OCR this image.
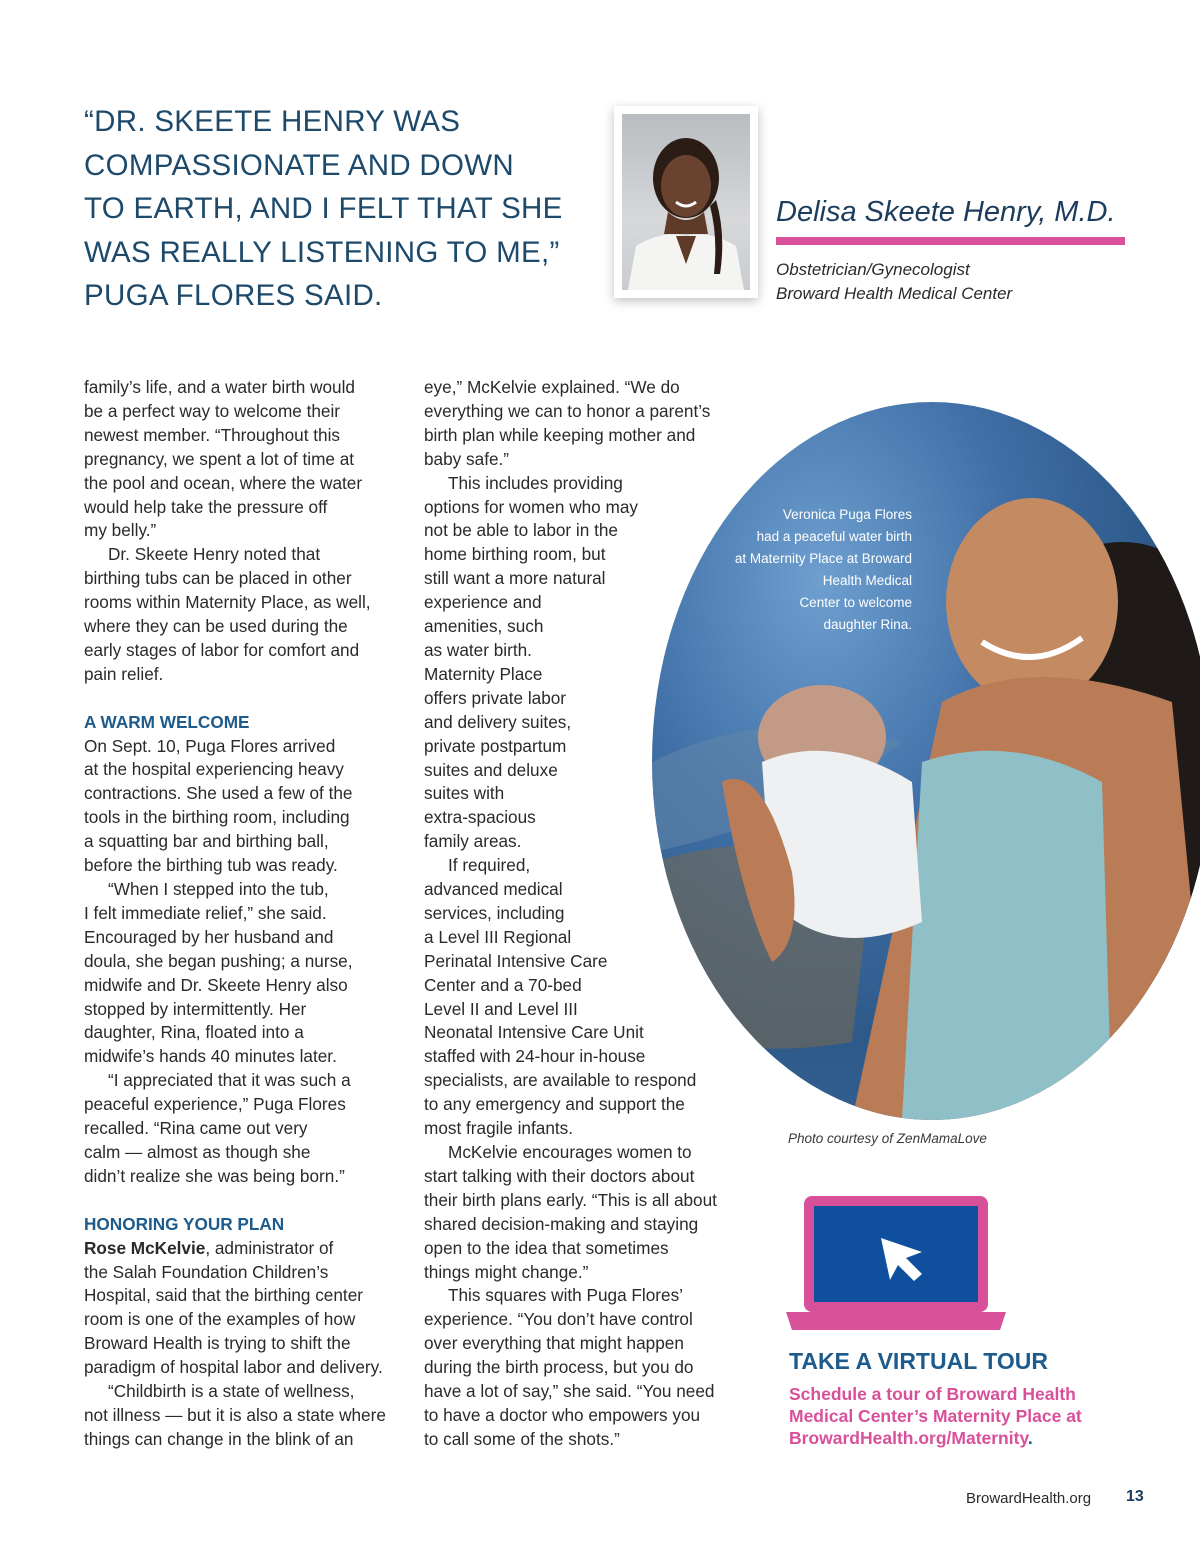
“DR. SKEETE HENRY WAS
COMPASSIONATE AND DOWN
TO EARTH, AND I FELT THAT SHE
WAS REALLY LISTENING TO ME,”
PUGA FLORES SAID.
Delisa Skeete Henry, M.D.
Obstetrician/Gynecologist
Broward Health Medical Center

family’s life, and a water birth would
be a perfect way to welcome their
newest member. “Throughout this
pregnancy, we spent a lot of time at
the pool and ocean, where the water
would help take the pressure off
my belly.”

Dr. Skeete Henry noted that
birthing tubs can be placed in other
rooms within Maternity Place, as well,
where they can be used during the
early stages of labor for comfort and
pain relief.

A WARM WELCOME

On Sept. 10, Puga Flores arrived
at the hospital experiencing heavy
contractions. She used a few of the
tools in the birthing room, including
a squatting bar and birthing ball,
before the birthing tub was ready.

“When I stepped into the tub,
I felt immediate relief,” she said.
Encouraged by her husband and
doula, she began pushing; a nurse,
midwife and Dr. Skeete Henry also
stopped by intermittently. Her
daughter, Rina, floated into a
midwife’s hands 40 minutes later.

“I appreciated that it was such a
peaceful experience,” Puga Flores
recalled. “Rina came out very
calm — almost as though she
didn’t realize she was being born.”

HONORING YOUR PLAN

Rose McKelvie, administrator of
the Salah Foundation Children’s
Hospital, said that the birthing center
room is one of the examples of how
Broward Health is trying to shift the
paradigm of hospital labor and delivery.

“Childbirth is a state of wellness,
not illness — but it is also a state where
things can change in the blink of an

Veronica Puga Flores
had a peaceful water birth
at Maternity Place at Broward
Health Medical
Center to welcome
daughter Rina.

eye,” McKelvie explained. “We do
everything we can to honor a parent’s
birth plan while keeping mother and
baby safe.”

This includes providing
options for women who may
not be able to labor in the
home birthing room, but
still want a more natural
experience and
amenities, such
as water birth.
Maternity Place
offers private labor
and delivery suites,
private postpartum
suites and deluxe
suites with
extra-spacious
family areas.

If required,
advanced medical
services, including
a Level III Regional
Perinatal Intensive Care
Center and a 70-bed
Level II and Level III
Neonatal Intensive Care Unit
staffed with 24-hour in-house
specialists, are available to respond
to any emergency and support the
most fragile infants.

McKelvie encourages women to
start talking with their doctors about
their birth plans early. “This is all about
shared decision-making and staying
open to the idea that sometimes
things might change.”

This squares with Puga Flores’
experience. “You don’t have control
over everything that might happen
during the birth process, but you do
have a lot of say,” she said. “You need
to have a doctor who empowers you
to call some of the shots.”

Photo courtesy of ZenMamaLove
TAKE A VIRTUAL TOUR
Schedule a tour of Broward Health
Medical Center’s Maternity Place at
BrowardHealth.org/Maternity.
BrowardHealth.org 13
